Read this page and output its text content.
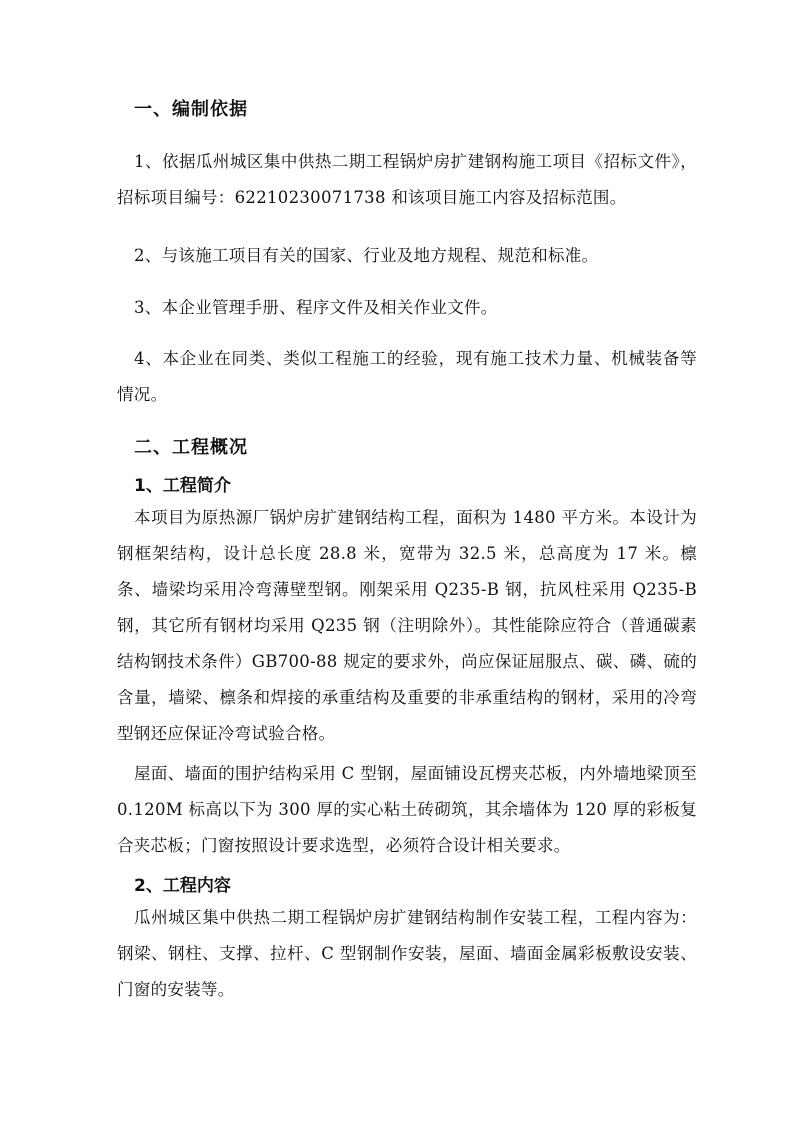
一、编制依据
1、依据瓜州城区集中供热二期工程锅炉房扩建钢构施工项目《招标文件》，招标项目编号：62210230071738 和该项目施工内容及招标范围。
2、与该施工项目有关的国家、行业及地方规程、规范和标准。
3、本企业管理手册、程序文件及相关作业文件。
4、本企业在同类、类似工程施工的经验，现有施工技术力量、机械装备等情况。
二、工程概况
1、工程简介
本项目为原热源厂锅炉房扩建钢结构工程，面积为 1480 平方米。本设计为钢框架结构，设计总长度 28.8 米，宽带为 32.5 米，总高度为 17 米。檩条、墙梁均采用冷弯薄壁型钢。刚架采用 Q235-B 钢，抗风柱采用 Q235-B 钢，其它所有钢材均采用 Q235 钢（注明除外）。其性能除应符合（普通碳素结构钢技术条件）GB700-88 规定的要求外，尚应保证屈服点、碳、磷、硫的含量，墙梁、檩条和焊接的承重结构及重要的非承重结构的钢材，采用的冷弯型钢还应保证冷弯试验合格。
屋面、墙面的围护结构采用 C 型钢，屋面铺设瓦楞夹芯板，内外墙地梁顶至 0.120M 标高以下为 300 厚的实心粘土砖砌筑，其余墙体为 120 厚的彩板复合夹芯板；门窗按照设计要求选型，必须符合设计相关要求。
2、工程内容
瓜州城区集中供热二期工程锅炉房扩建钢结构制作安装工程，工程内容为：钢梁、钢柱、支撑、拉杆、C 型钢制作安装，屋面、墙面金属彩板敷设安装、门窗的安装等。
